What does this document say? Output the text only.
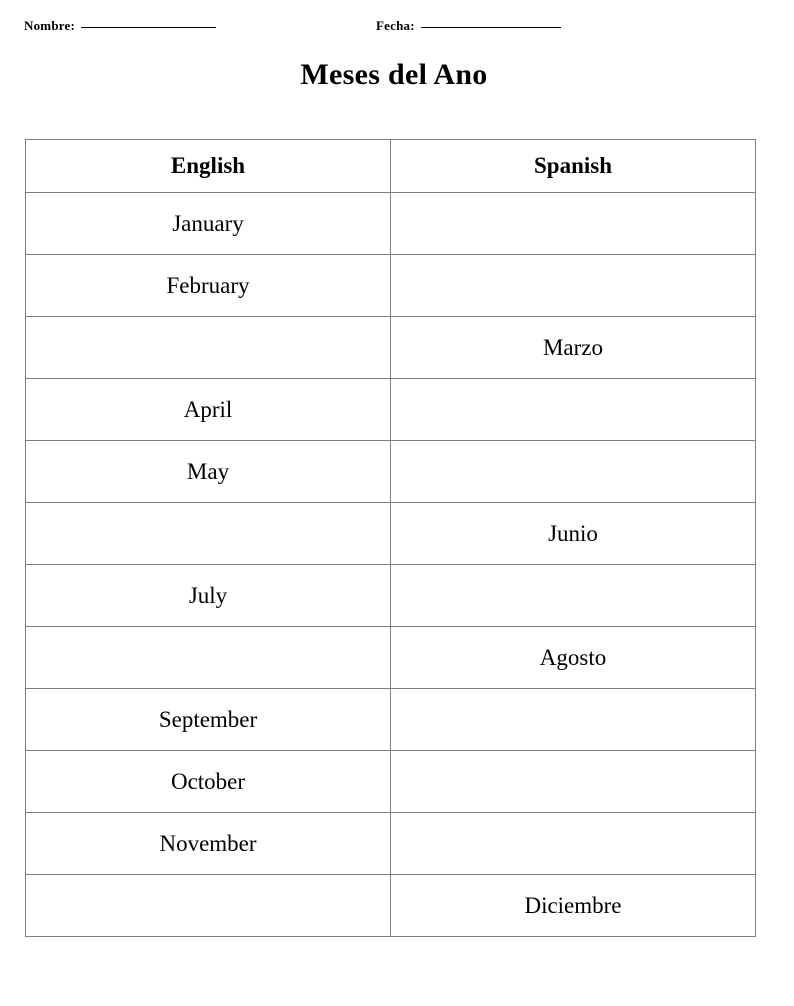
Nombre:	Fecha:
Meses del Ano
English	Spanish
January	
February	
	Marzo
April	
May	
	Junio
July	
	Agosto
September	
October	
November	
	Diciembre
